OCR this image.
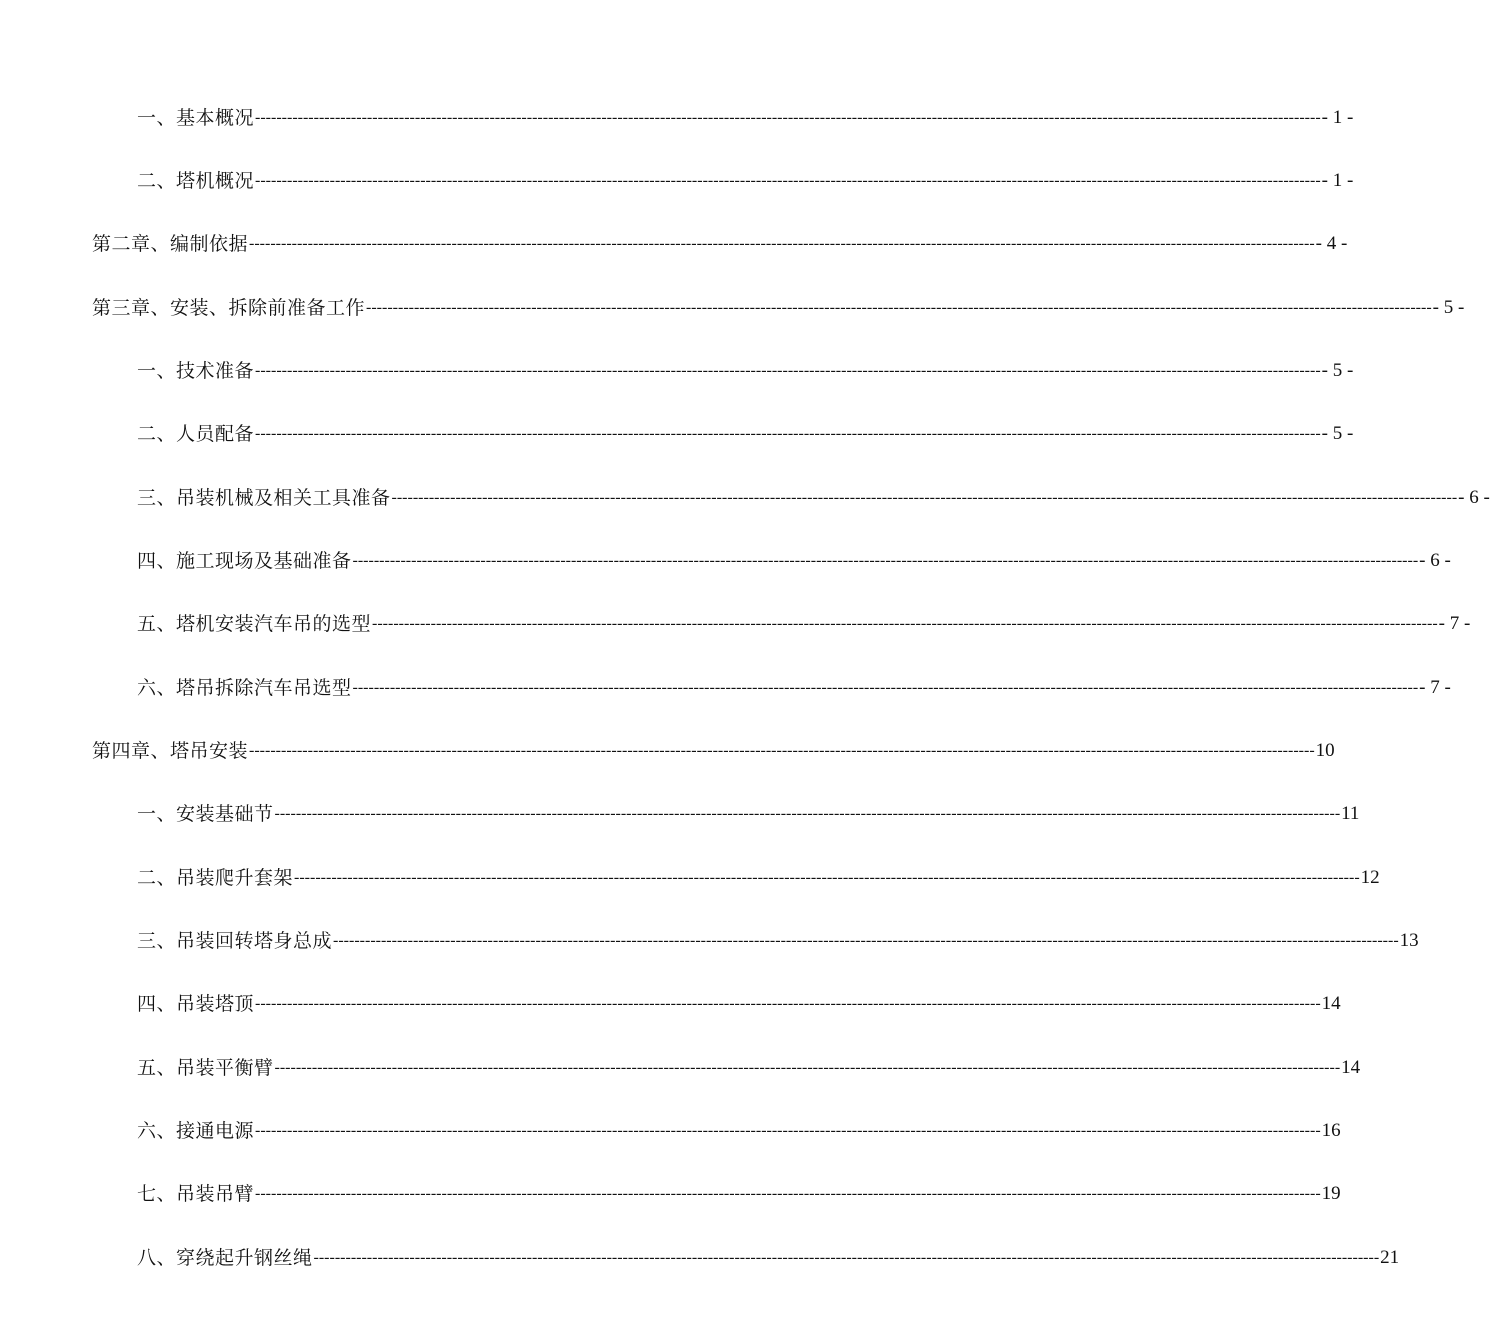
一、基本概况 -------------------------------------------------------------------------------------------------------------------------------------------------------------------------------------------------------- - 1 -
二、塔机概况 -------------------------------------------------------------------------------------------------------------------------------------------------------------------------------------------------------- - 1 -
第二章、编制依据 -------------------------------------------------------------------------------------------------------------------------------------------------------------------------------------------------------- - 4 -
第三章、安装、拆除前准备工作 -------------------------------------------------------------------------------------------------------------------------------------------------------------------------------------------------------- - 5 -
一、技术准备 -------------------------------------------------------------------------------------------------------------------------------------------------------------------------------------------------------- - 5 -
二、人员配备 -------------------------------------------------------------------------------------------------------------------------------------------------------------------------------------------------------- - 5 -
三、吊装机械及相关工具准备 -------------------------------------------------------------------------------------------------------------------------------------------------------------------------------------------------------- - 6 -
四、施工现场及基础准备 -------------------------------------------------------------------------------------------------------------------------------------------------------------------------------------------------------- - 6 -
五、塔机安装汽车吊的选型 -------------------------------------------------------------------------------------------------------------------------------------------------------------------------------------------------------- - 7 -
六、塔吊拆除汽车吊选型 -------------------------------------------------------------------------------------------------------------------------------------------------------------------------------------------------------- - 7 -
第四章、塔吊安装 -------------------------------------------------------------------------------------------------------------------------------------------------------------------------------------------------------- 10
一、安装基础节 -------------------------------------------------------------------------------------------------------------------------------------------------------------------------------------------------------- 11
二、吊装爬升套架 -------------------------------------------------------------------------------------------------------------------------------------------------------------------------------------------------------- 12
三、吊装回转塔身总成 -------------------------------------------------------------------------------------------------------------------------------------------------------------------------------------------------------- 13
四、吊装塔顶 -------------------------------------------------------------------------------------------------------------------------------------------------------------------------------------------------------- 14
五、吊装平衡臂 -------------------------------------------------------------------------------------------------------------------------------------------------------------------------------------------------------- 14
六、接通电源 -------------------------------------------------------------------------------------------------------------------------------------------------------------------------------------------------------- 16
七、吊装吊臂 -------------------------------------------------------------------------------------------------------------------------------------------------------------------------------------------------------- 19
八、穿绕起升钢丝绳 -------------------------------------------------------------------------------------------------------------------------------------------------------------------------------------------------------- 21
